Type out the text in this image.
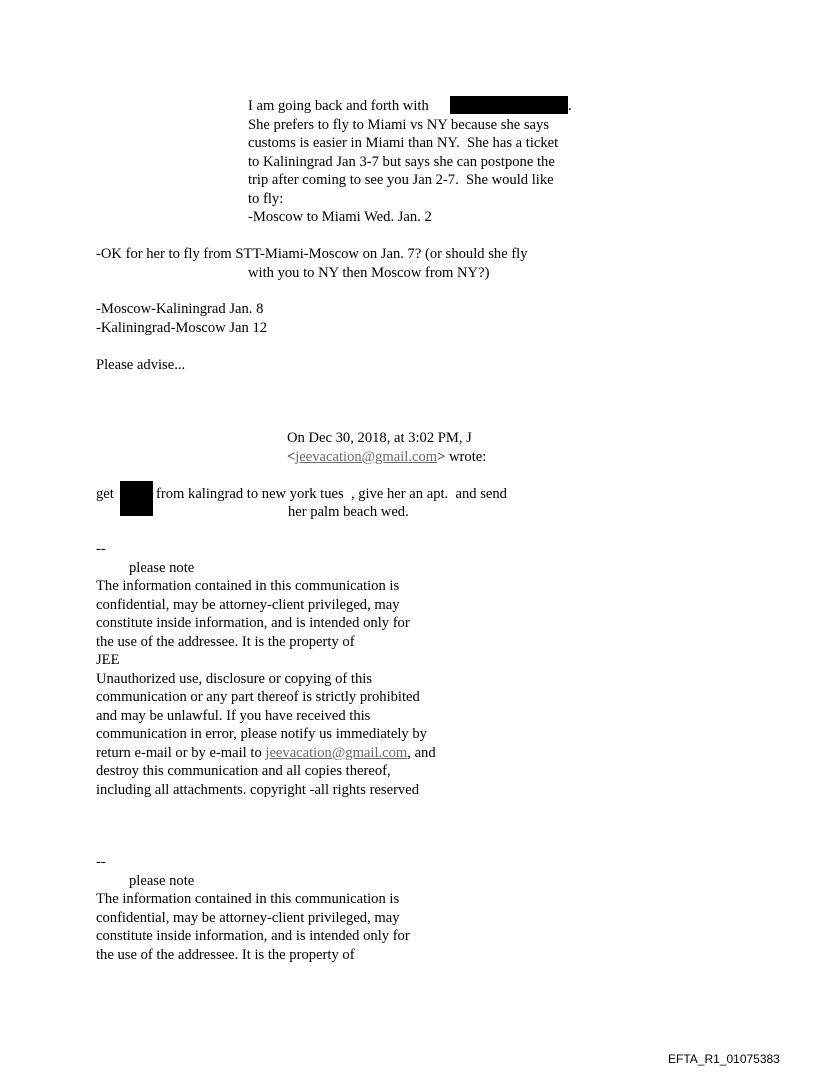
I am going back and forth with	.
She prefers to fly to Miami vs NY because she says
customs is easier in Miami than NY.  She has a ticket
to Kaliningrad Jan 3-7 but says she can postpone the
trip after coming to see you Jan 2-7.  She would like
to fly:
-Moscow to Miami Wed. Jan. 2
-OK for her to fly from STT-Miami-Moscow on Jan. 7? (or should she fly
with you to NY then Moscow from NY?)
-Moscow-Kaliningrad Jan. 8
-Kaliningrad-Moscow Jan 12
Please advise...
On Dec 30, 2018, at 3:02 PM, J
<jeevacation@gmail.com> wrote:
get	from kalingrad to new york tues  , give her an apt.  and send
her palm beach wed.
--
please note
The information contained in this communication is
confidential, may be attorney-client privileged, may
constitute inside information, and is intended only for
the use of the addressee. It is the property of
JEE
Unauthorized use, disclosure or copying of this
communication or any part thereof is strictly prohibited
and may be unlawful. If you have received this
communication in error, please notify us immediately by
return e-mail or by e-mail to jeevacation@gmail.com, and
destroy this communication and all copies thereof,
including all attachments. copyright -all rights reserved
--
please note
The information contained in this communication is
confidential, may be attorney-client privileged, may
constitute inside information, and is intended only for
the use of the addressee. It is the property of
EFTA_R1_01075383
